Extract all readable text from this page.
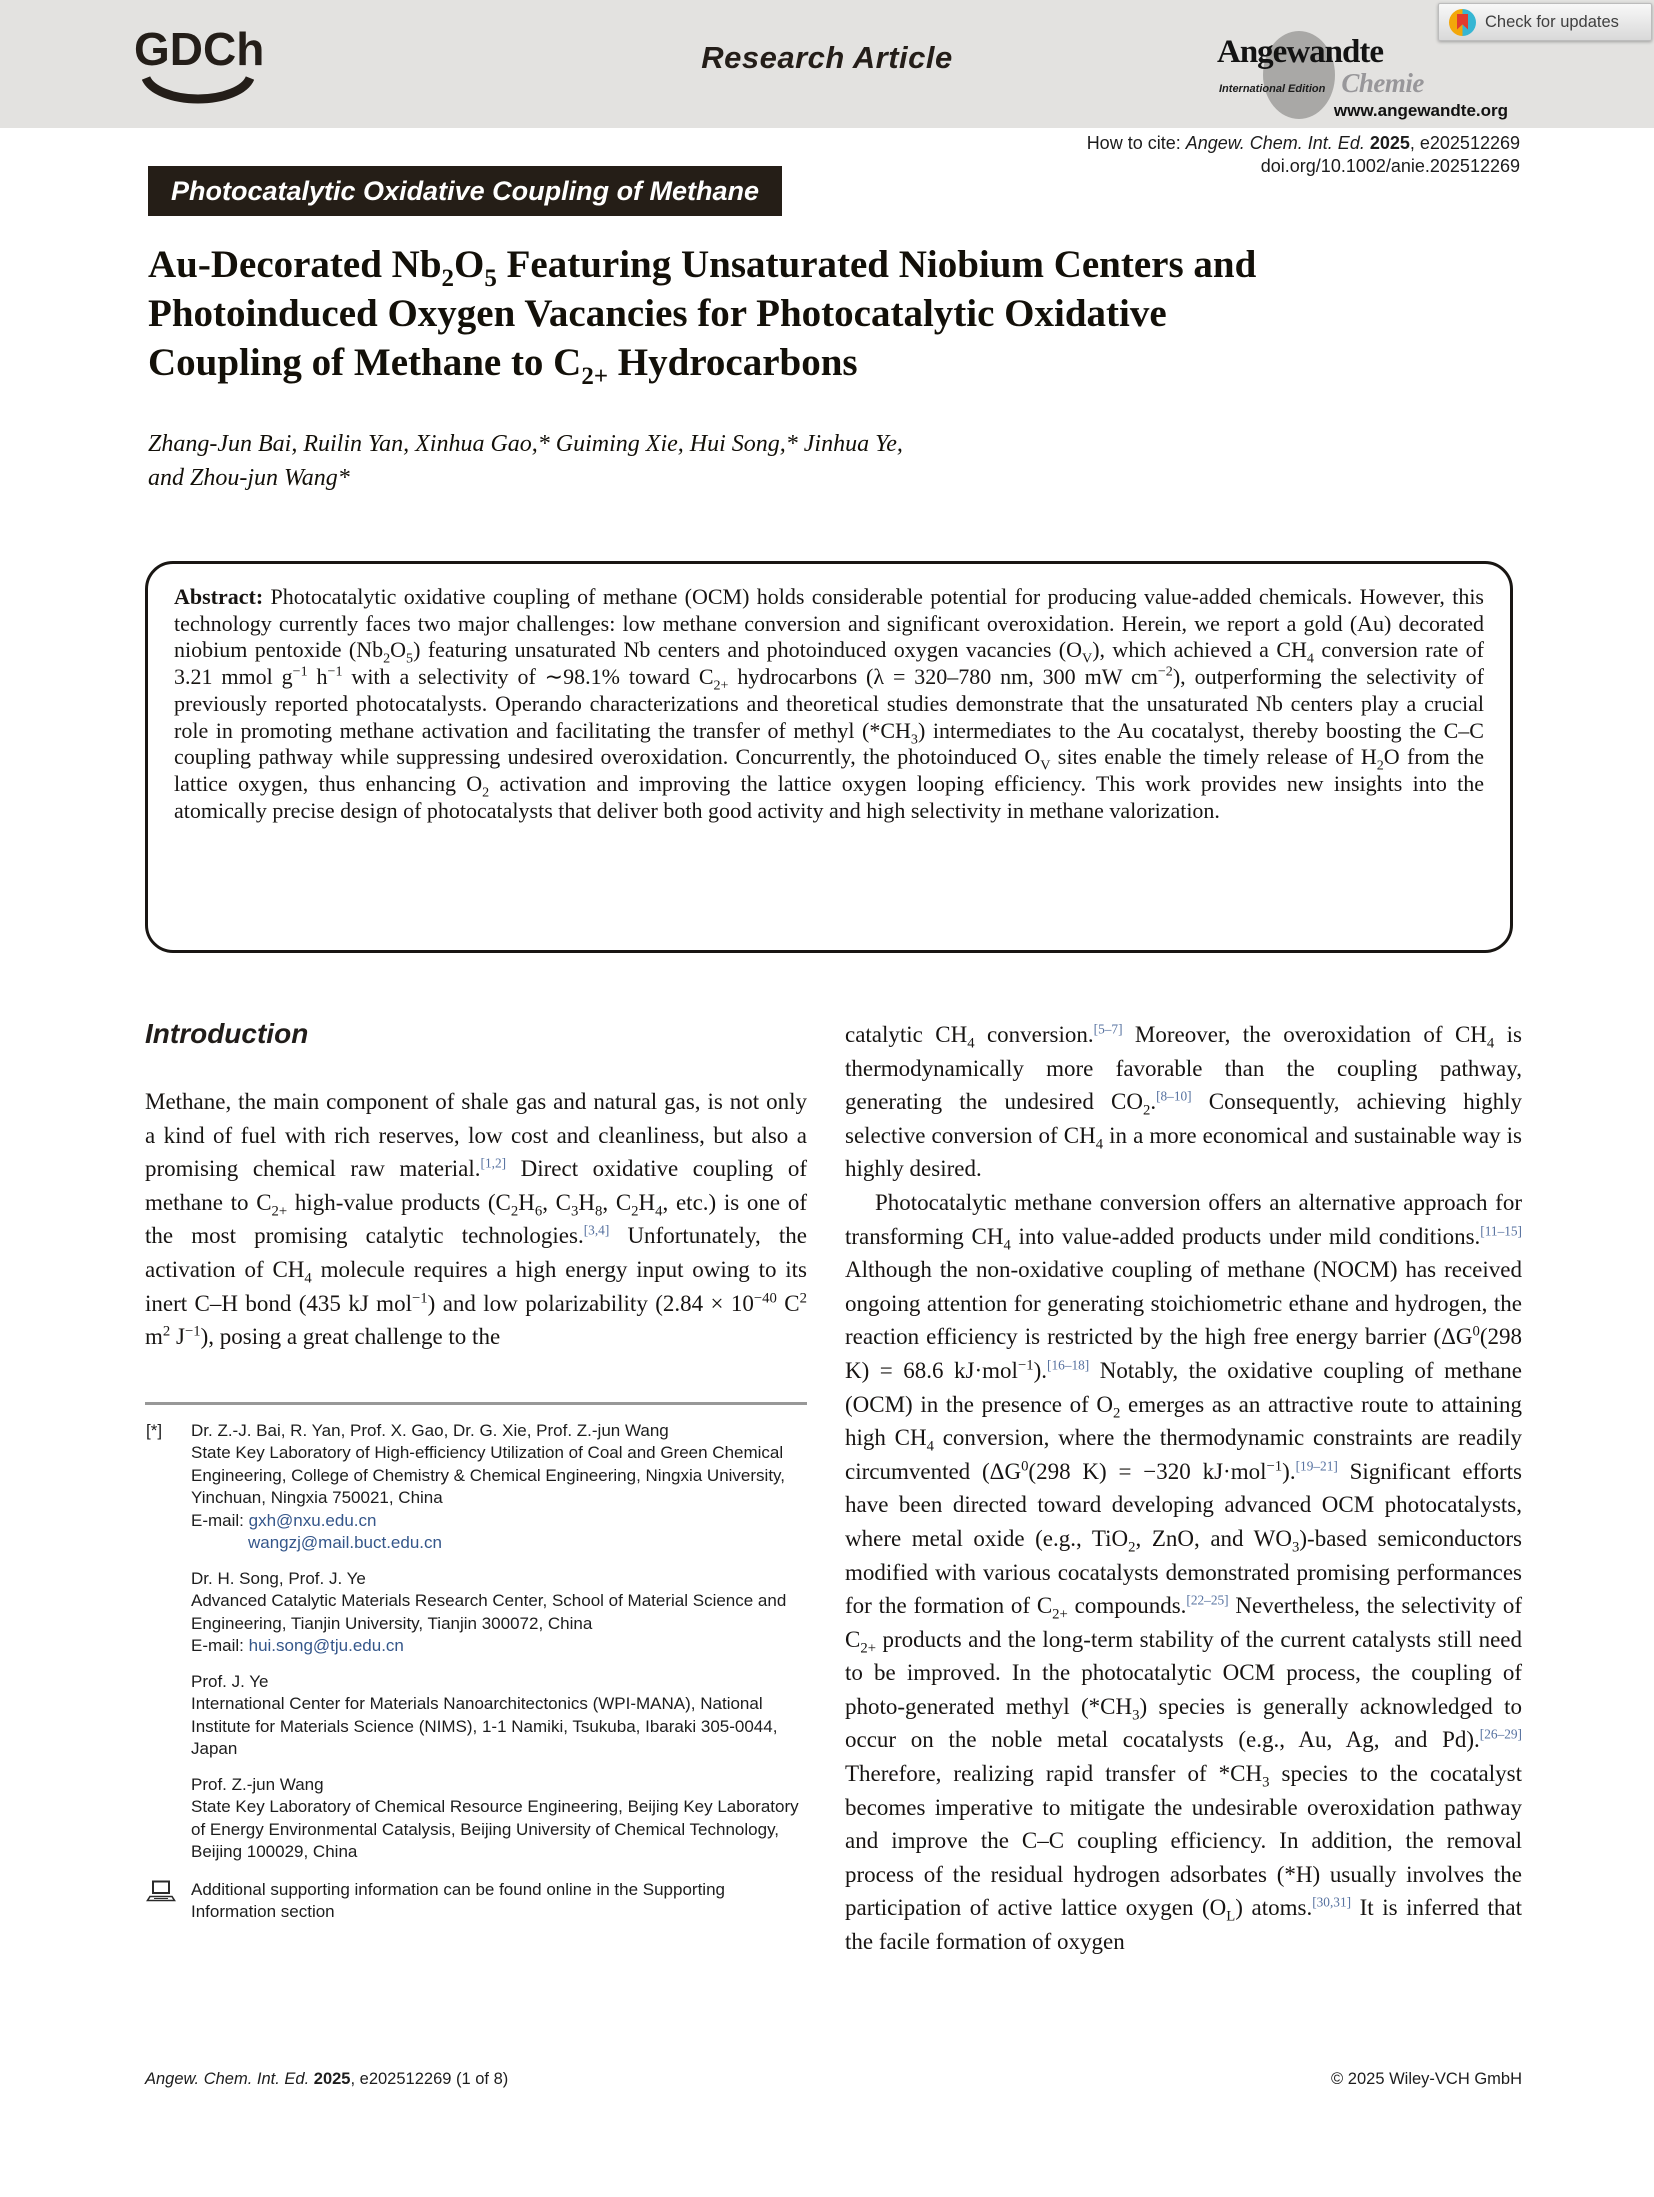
GDCh	Research Article	Angewandte
International Edition Chemie
www.angewandte.org
Check for updates
How to cite: Angew. Chem. Int. Ed. 2025, e202512269
doi.org/10.1002/anie.202512269
Photocatalytic Oxidative Coupling of Methane
Au-Decorated $Nb_2O_5$ Featuring Unsaturated Niobium Centers and
Photoinduced Oxygen Vacancies for Photocatalytic Oxidative
Coupling of Methane to $C_{2+}$ Hydrocarbons
Zhang-Jun Bai, Ruilin Yan, Xinhua Gao,* Guiming Xie, Hui Song,* Jinhua Ye,
and Zhou-jun Wang*
Abstract: Photocatalytic oxidative coupling of methane (OCM) holds considerable potential for producing value-added chemicals. However, this technology currently faces two major challenges: low methane conversion and significant overoxidation. Herein, we report a gold (Au) decorated niobium pentoxide $(Nb_2O_5)$ featuring unsaturated Nb centers and photoinduced oxygen vacancies $(O_V)$, which achieved a $CH_4$ conversion rate of 3.21 mmol $g^{-1}$ $h^{-1}$ with a selectivity of ∼98.1% toward $C_{2+}$ hydrocarbons (λ = 320–780 nm, 300 mW $cm^{-2}$), outperforming the selectivity of previously reported photocatalysts. Operando characterizations and theoretical studies demonstrate that the unsaturated Nb centers play a crucial role in promoting methane activation and facilitating the transfer of methyl $(*CH_3)$ intermediates to the Au cocatalyst, thereby boosting the C–C coupling pathway while suppressing undesired overoxidation. Concurrently, the photoinduced $O_V$ sites enable the timely release of $H_2O$ from the lattice oxygen, thus enhancing $O_2$ activation and improving the lattice oxygen looping efficiency. This work provides new insights into the atomically precise design of photocatalysts that deliver both good activity and high selectivity in methane valorization.
Introduction

Methane, the main component of shale gas and natural gas, is not only a kind of fuel with rich reserves, low cost and cleanliness, but also a promising chemical raw material.[1,2] Direct oxidative coupling of methane to $C_{2+}$ high-value products ($C_2H_6$, $C_3H_8$, $C_2H_4$, etc.) is one of the most promising catalytic technologies.[3,4] Unfortunately, the activation of $CH_4$ molecule requires a high energy input owing to its inert C–H bond (435 kJ mol$^{-1}$) and low polarizability ($2.84 \times 10^{-40}$ $C^2$ $m^2$ $J^{-1}$), posing a great challenge to the

[*] Dr. Z.-J. Bai, R. Yan, Prof. X. Gao, Dr. G. Xie, Prof. Z.-jun Wang
State Key Laboratory of High-efficiency Utilization of Coal and Green Chemical Engineering, College of Chemistry & Chemical Engineering, Ningxia University, Yinchuan, Ningxia 750021, China
E-mail: gxh@nxu.edu.cn
wangzj@mail.buct.edu.cn
Dr. H. Song, Prof. J. Ye
Advanced Catalytic Materials Research Center, School of Material Science and Engineering, Tianjin University, Tianjin 300072, China
E-mail: hui.song@tju.edu.cn
Prof. J. Ye
International Center for Materials Nanoarchitectonics (WPI-MANA), National Institute for Materials Science (NIMS), 1-1 Namiki, Tsukuba, Ibaraki 305-0044, Japan
Prof. Z.-jun Wang
State Key Laboratory of Chemical Resource Engineering, Beijing Key Laboratory of Energy Environmental Catalysis, Beijing University of Chemical Technology, Beijing 100029, China
Additional supporting information can be found online in the Supporting Information section

catalytic $CH_4$ conversion.[5–7] Moreover, the overoxidation of $CH_4$ is thermodynamically more favorable than the coupling pathway, generating the undesired $CO_2.[8-10]$ Consequently, achieving highly selective conversion of $CH_4$ in a more economical and sustainable way is highly desired.

Photocatalytic methane conversion offers an alternative approach for transforming $CH_4$ into value-added products under mild conditions.[11–15] Although the non-oxidative coupling of methane (NOCM) has received ongoing attention for generating stoichiometric ethane and hydrogen, the reaction efficiency is restricted by the high free energy barrier ($\Delta G^0(298$ K) = 68.6 kJ·mol$^{-1}$).[16–18] Notably, the oxidative coupling of methane (OCM) in the presence of $O_2$ emerges as an attractive route to attaining high $CH_4$ conversion, where the thermodynamic constraints are readily circumvented ($\Delta G^0(298$ K) = −320 kJ·mol$^{-1}$).[19–21] Significant efforts have been directed toward developing advanced OCM photocatalysts, where metal oxide (e.g., TiO$_2$, ZnO, and $WO_3$)-based semiconductors modified with various cocatalysts demonstrated promising performances for the formation of $C_{2+}$ compounds.[22–25] Nevertheless, the selectivity of $C_{2+}$ products and the long-term stability of the current catalysts still need to be improved. In the photocatalytic OCM process, the coupling of photo-generated methyl $(*CH_3)$ species is generally acknowledged to occur on the noble metal cocatalysts (e.g., Au, Ag, and Pd).[26–29] Therefore, realizing rapid transfer of $*CH_3$ species to the cocatalyst becomes imperative to mitigate the undesirable overoxidation pathway and improve the C–C coupling efficiency. In addition, the removal process of the residual hydrogen adsorbates (*H) usually involves the participation of active lattice oxygen $(O_L)$ atoms.[30,31] It is inferred that the facile formation of oxygen

Angew. Chem. Int. Ed. 2025, e202512269 (1 of 8)	© 2025 Wiley-VCH GmbH
